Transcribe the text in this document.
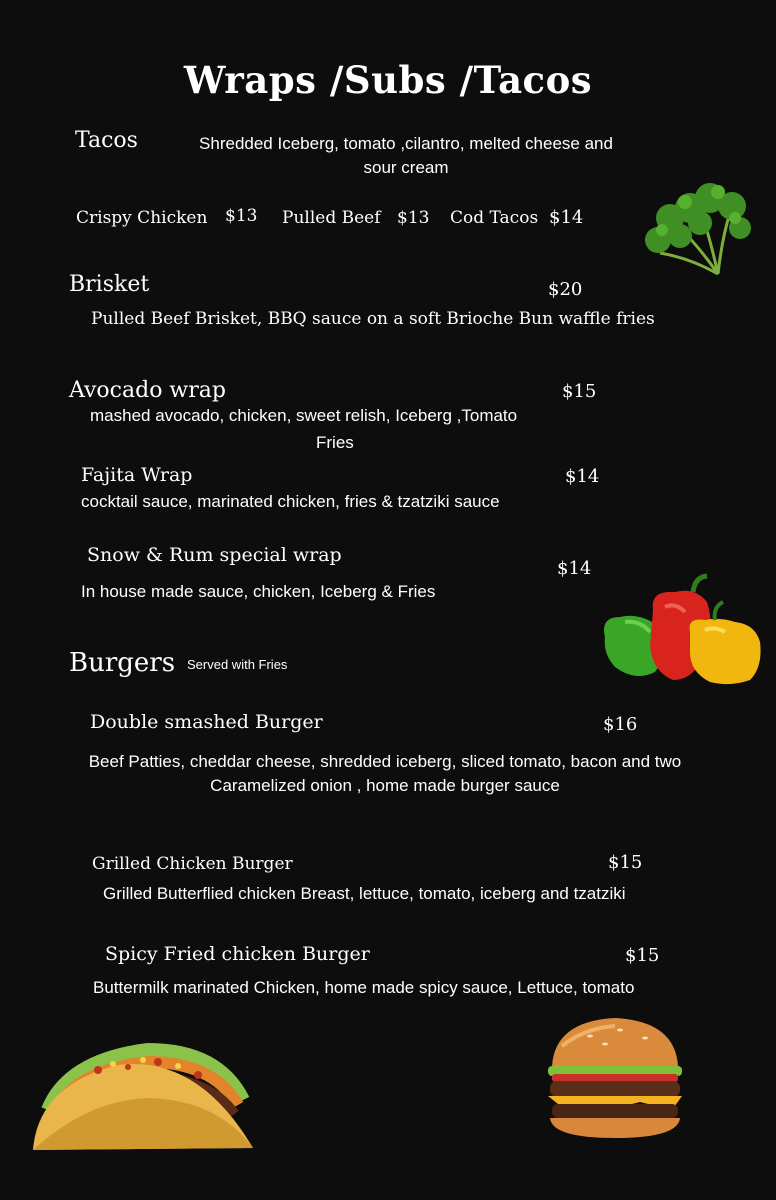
Wraps /Subs /Tacos
Tacos	Shredded Iceberg, tomato ,cilantro, melted cheese and
sour cream
Crispy Chicken $13 Pulled Beef $13 Cod Tacos $14
Brisket	$20
Pulled Beef Brisket, BBQ sauce on a soft Brioche Bun waffle fries
Avocado wrap	$15
mashed avocado, chicken, sweet relish, Iceberg ,Tomato
Fries
Fajita Wrap	$14
cocktail sauce, marinated chicken, fries & tzatziki sauce
Snow & Rum special wrap
$14
In house made sauce, chicken, Iceberg & Fries
Burgers Served with Fries
Double smashed Burger	$16
Beef Patties, cheddar cheese, shredded iceberg, sliced tomato, bacon and two
Caramelized onion , home made burger sauce
Grilled Chicken Burger	$15
Grilled Butterflied chicken Breast, lettuce, tomato, iceberg and tzatziki
Spicy Fried chicken Burger	$15
Buttermilk marinated Chicken, home made spicy sauce, Lettuce, tomato
